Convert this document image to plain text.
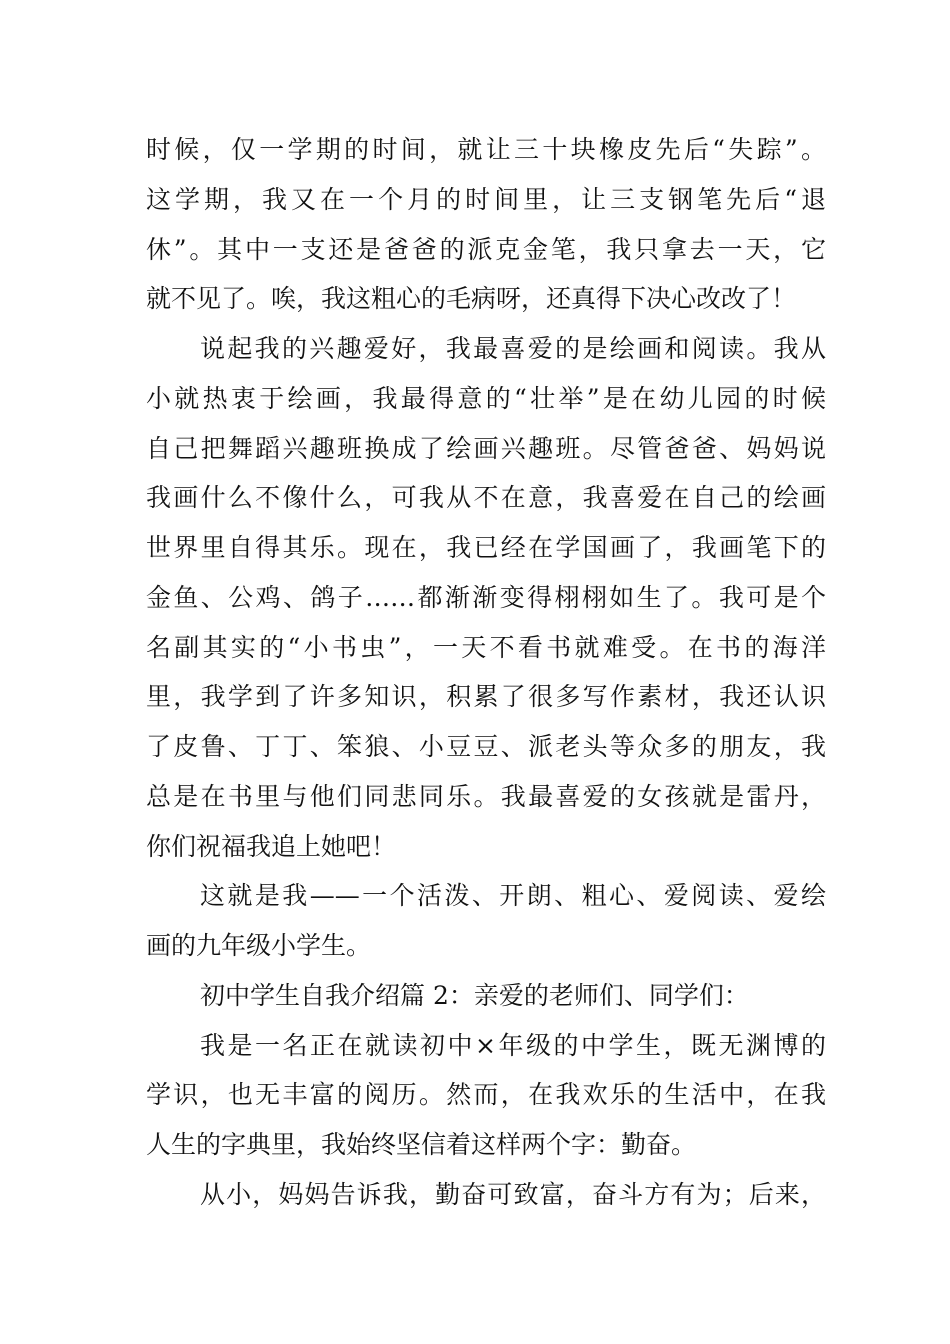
时候，仅一学期的时间，就让三十块橡皮先后“失踪”。
这学期，我又在一个月的时间里，让三支钢笔先后“退
休”。其中一支还是爸爸的派克金笔，我只拿去一天，它
就不见了。唉，我这粗心的毛病呀，还真得下决心改改了！
说起我的兴趣爱好，我最喜爱的是绘画和阅读。我从
小就热衷于绘画，我最得意的“壮举”是在幼儿园的时候
自己把舞蹈兴趣班换成了绘画兴趣班。尽管爸爸、妈妈说
我画什么不像什么，可我从不在意，我喜爱在自己的绘画
世界里自得其乐。现在，我已经在学国画了，我画笔下的
金鱼、公鸡、鸽子……都渐渐变得栩栩如生了。我可是个
名副其实的“小书虫”，一天不看书就难受。在书的海洋
里，我学到了许多知识，积累了很多写作素材，我还认识
了皮鲁、丁丁、笨狼、小豆豆、派老头等众多的朋友，我
总是在书里与他们同悲同乐。我最喜爱的女孩就是雷丹，
你们祝福我追上她吧！
这就是我——一个活泼、开朗、粗心、爱阅读、爱绘
画的九年级小学生。
初中学生自我介绍篇 2：亲爱的老师们、同学们：
我是一名正在就读初中×年级的中学生，既无渊博的
学识，也无丰富的阅历。然而，在我欢乐的生活中，在我
人生的字典里，我始终坚信着这样两个字：勤奋。
从小，妈妈告诉我，勤奋可致富，奋斗方有为；后来，
